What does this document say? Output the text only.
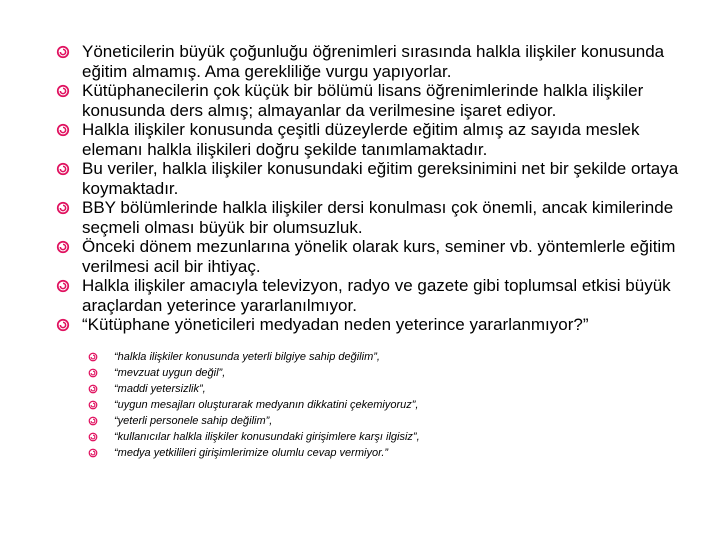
Yöneticilerin büyük çoğunluğu öğrenimleri sırasında halkla ilişkiler konusunda eğitim almamış. Ama gerekliliğe vurgu yapıyorlar.
Kütüphanecilerin çok küçük bir bölümü lisans öğrenimlerinde halkla ilişkiler konusunda ders almış; almayanlar da verilmesine işaret ediyor.
Halkla ilişkiler konusunda çeşitli düzeylerde eğitim almış az sayıda meslek elemanı halkla ilişkileri doğru şekilde tanımlamaktadır.
Bu veriler, halkla ilişkiler konusundaki eğitim gereksinimini net bir şekilde ortaya koymaktadır.
BBY bölümlerinde halkla ilişkiler dersi konulması çok önemli, ancak kimilerinde seçmeli olması büyük bir olumsuzluk.
Önceki dönem mezunlarına yönelik olarak kurs, seminer vb. yöntemlerle eğitim verilmesi acil bir ihtiyaç.
Halkla ilişkiler amacıyla televizyon, radyo ve gazete gibi toplumsal etkisi büyük araçlardan yeterince yararlanılmıyor.
“Kütüphane yöneticileri medyadan neden yeterince yararlanmıyor?”
“halkla ilişkiler konusunda yeterli bilgiye sahip değilim”,
“mevzuat uygun değil”,
“maddi yetersizlik”,
“uygun mesajları oluşturarak medyanın dikkatini çekemiyoruz”,
“yeterli personele sahip değilim”,
“kullanıcılar halkla ilişkiler konusundaki girişimlere karşı ilgisiz”,
“medya yetkilileri girişimlerimize olumlu cevap vermiyor.”
